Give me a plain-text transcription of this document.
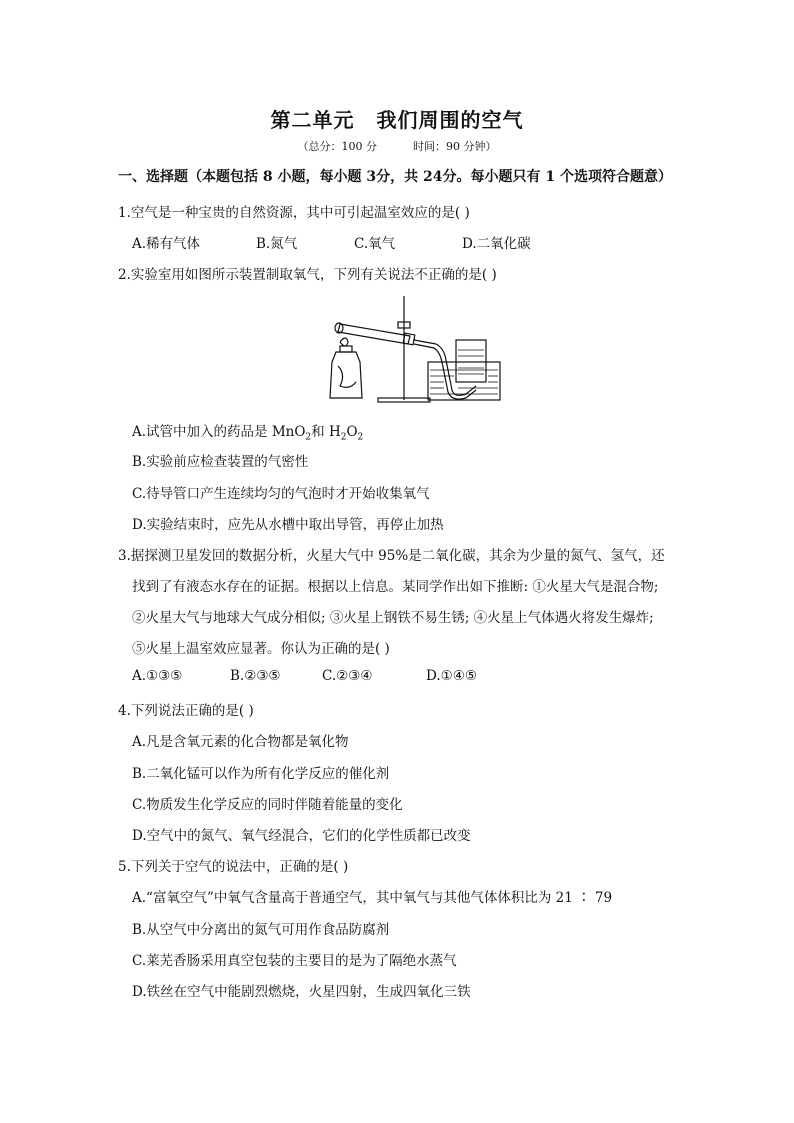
第二单元 我们周围的空气
（总分：100 分	时间：90 分钟）
一、选择题（本题包括 8 小题，每小题 3分，共 24分。每小题只有 1 个选项符合题意）
1.空气是一种宝贵的自然资源，其中可引起温室效应的是( )
A.稀有气体	B.氮气	C.氧气	D.二氧化碳
2.实验室用如图所示装置制取氧气，下列有关说法不正确的是( )
A.试管中加入的药品是 MnO$_2$和 $H_2O_2$
B.实验前应检查装置的气密性
C.待导管口产生连续均匀的气泡时才开始收集氧气
D.实验结束时，应先从水槽中取出导管，再停止加热
3.据探测卫星发回的数据分析，火星大气中 95%是二氧化碳，其余为少量的氮气、氢气，还
找到了有液态水存在的证据。根据以上信息。某同学作出如下推断: ①火星大气是混合物;
②火星大气与地球大气成分相似; ③火星上钢铁不易生锈; ④火星上气体遇火将发生爆炸;
⑤火星上温室效应显著。你认为正确的是( )
A.①③⑤	B.②③⑤	C.②③④	D.①④⑤
4.下列说法正确的是( )
A.凡是含氧元素的化合物都是氧化物
B.二氧化锰可以作为所有化学反应的催化剂
C.物质发生化学反应的同时伴随着能量的变化
D.空气中的氮气、氧气经混合，它们的化学性质都已改变
5.下列关于空气的说法中，正确的是( )
A.“富氧空气”中氧气含量高于普通空气，其中氧气与其他气体体积比为 21 ∶ 79
B.从空气中分离出的氮气可用作食品防腐剂
C.莱芜香肠采用真空包装的主要目的是为了隔绝水蒸气
D.铁丝在空气中能剧烈燃烧，火星四射，生成四氧化三铁
